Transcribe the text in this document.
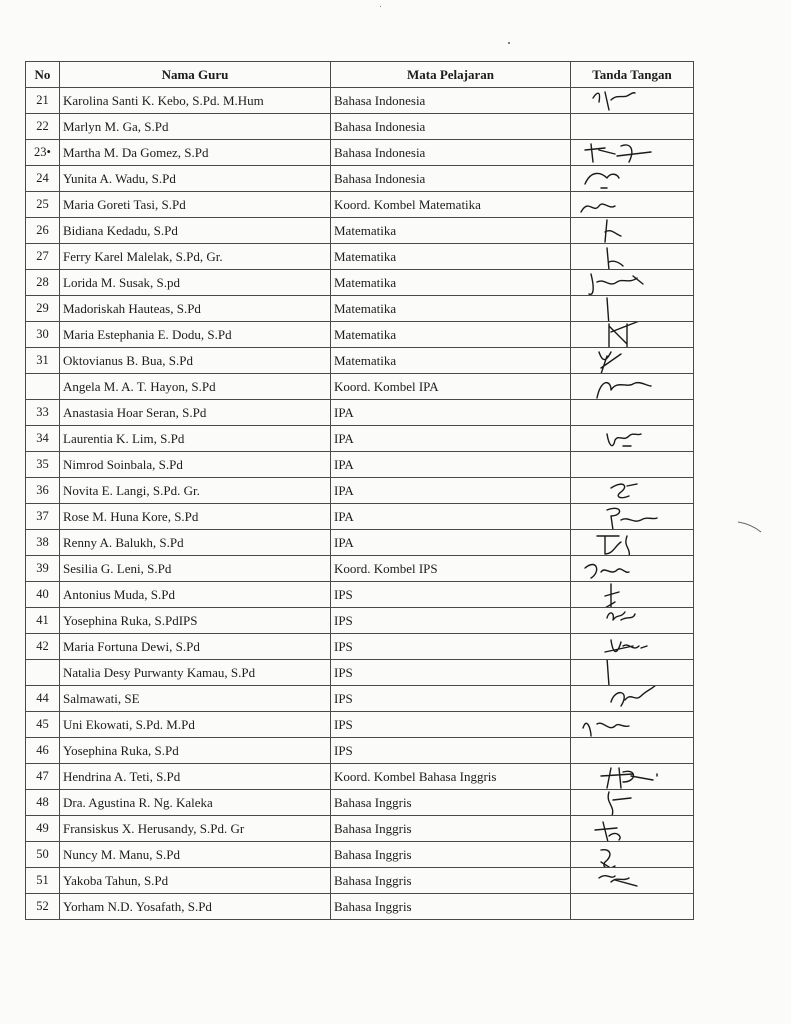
No	Nama Guru	Mata Pelajaran	Tanda Tangan
21	Karolina Santi K. Kebo, S.Pd. M.Hum	Bahasa Indonesia	

22	Marlyn M. Ga, S.Pd	Bahasa Indonesia	
23•	Martha M. Da Gomez, S.Pd	Bahasa Indonesia	

24	Yunita A. Wadu, S.Pd	Bahasa Indonesia	

25	Maria Goreti Tasi, S.Pd	Koord. Kombel Matematika	

26	Bidiana Kedadu, S.Pd	Matematika	

27	Ferry Karel Malelak, S.Pd, Gr.	Matematika	

28	Lorida M. Susak, S.pd	Matematika	

29	Madoriskah Hauteas, S.Pd	Matematika	

30	Maria Estephania E. Dodu, S.Pd	Matematika	

31	Oktovianus B. Bua, S.Pd	Matematika	

	Angela M. A. T. Hayon, S.Pd	Koord. Kombel IPA	

33	Anastasia Hoar Seran, S.Pd	IPA	
34	Laurentia K. Lim, S.Pd	IPA	

35	Nimrod Soinbala, S.Pd	IPA	
36	Novita E. Langi, S.Pd. Gr.	IPA	

37	Rose M. Huna Kore, S.Pd	IPA	

38	Renny A. Balukh, S.Pd	IPA	

39	Sesilia G. Leni, S.Pd	Koord. Kombel IPS	

40	Antonius Muda, S.Pd	IPS	

41	Yosephina Ruka, S.PdIPS	IPS	

42	Maria Fortuna Dewi, S.Pd	IPS	

	Natalia Desy Purwanty Kamau, S.Pd	IPS	

44	Salmawati, SE	IPS	

45	Uni Ekowati, S.Pd. M.Pd	IPS	

46	Yosephina Ruka, S.Pd	IPS	
47	Hendrina A. Teti, S.Pd	Koord. Kombel Bahasa Inggris	

48	Dra. Agustina R. Ng. Kaleka	Bahasa Inggris	

49	Fransiskus X. Herusandy, S.Pd. Gr	Bahasa Inggris	

50	Nuncy M. Manu, S.Pd	Bahasa Inggris	

51	Yakoba Tahun, S.Pd	Bahasa Inggris	

52	Yorham N.D. Yosafath, S.Pd	Bahasa Inggris	
